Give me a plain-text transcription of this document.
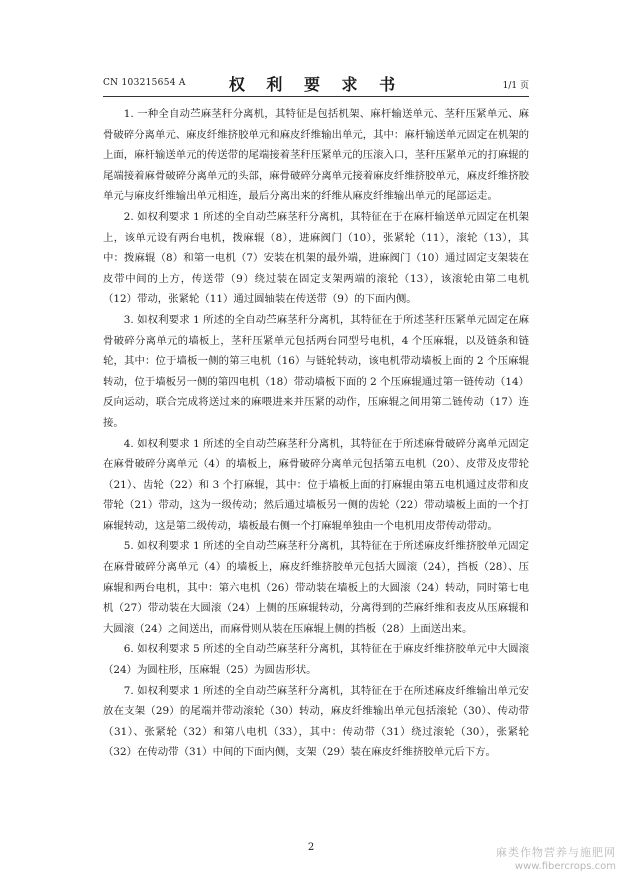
CN 103215654 A	权 利 要 求 书	1/1 页

1. 一种全自动苎麻茎秆分离机，其特征是包括机架、麻杆输送单元、茎秆压紧单元、麻骨破碎分离单元、麻皮纤维挤胶单元和麻皮纤维输出单元，其中：麻杆输送单元固定在机架的上面，麻杆输送单元的传送带的尾端接着茎秆压紧单元的压滚入口，茎秆压紧单元的打麻辊的尾端接着麻骨破碎分离单元的头部，麻骨破碎分离单元接着麻皮纤维挤胶单元，麻皮纤维挤胶单元与麻皮纤维输出单元相连，最后分离出来的纤维从麻皮纤维输出单元的尾部运走。

2. 如权利要求 1 所述的全自动苎麻茎秆分离机，其特征在于在麻杆输送单元固定在机架上，该单元设有两台电机，拨麻辊（8），进麻阀门（10），张紧轮（11），滚轮（13），其中：拨麻辊（8）和第一电机（7）安装在机架的最外端，进麻阀门（10）通过固定支架装在皮带中间的上方，传送带（9）绕过装在固定支架两端的滚轮（13），该滚轮由第二电机（12）带动，张紧轮（11）通过圆轴装在传送带（9）的下面内侧。

3. 如权利要求 1 所述的全自动苎麻茎秆分离机，其特征在于所述茎秆压紧单元固定在麻骨破碎分离单元的墙板上，茎秆压紧单元包括两台同型号电机，4 个压麻辊，以及链条和链轮，其中：位于墙板一侧的第三电机（16）与链轮转动，该电机带动墙板上面的 2 个压麻辊转动，位于墙板另一侧的第四电机（18）带动墙板下面的 2 个压麻辊通过第一链传动（14）反向运动，联合完成将送过来的麻喂进来并压紧的动作，压麻辊之间用第二链传动（17）连接。

4. 如权利要求 1 所述的全自动苎麻茎秆分离机，其特征在于所述麻骨破碎分离单元固定在麻骨破碎分离单元（4）的墙板上，麻骨破碎分离单元包括第五电机（20）、皮带及皮带轮（21）、齿轮（22）和 3 个打麻辊，其中：位于墙板上面的打麻辊由第五电机通过皮带和皮带轮（21）带动，这为一级传动；然后通过墙板另一侧的齿轮（22）带动墙板上面的一个打麻辊转动，这是第二级传动，墙板最右侧一个打麻辊单独由一个电机用皮带传动带动。

5. 如权利要求 1 所述的全自动苎麻茎秆分离机，其特征在于所述麻皮纤维挤胶单元固定在麻骨破碎分离单元（4）的墙板上，麻皮纤维挤胶单元包括大圆滚（24），挡板（28）、压麻辊和两台电机，其中：第六电机（26）带动装在墙板上的大圆滚（24）转动，同时第七电机（27）带动装在大圆滚（24）上侧的压麻辊转动，分离得到的苎麻纤维和表皮从压麻辊和大圆滚（24）之间送出，而麻骨则从装在压麻辊上侧的挡板（28）上面送出来。

6. 如权利要求 5 所述的全自动苎麻茎秆分离机，其特征在于麻皮纤维挤胶单元中大圆滚（24）为圆柱形，压麻辊（25）为圆齿形状。

7. 如权利要求 1 所述的全自动苎麻茎秆分离机，其特征在于在所述麻皮纤维输出单元安放在支架（29）的尾端并带动滚轮（30）转动，麻皮纤维输出单元包括滚轮（30）、传动带（31）、张紧轮（32）和第八电机（33），其中：传动带（31）绕过滚轮（30），张紧轮（32）在传动带（31）中间的下面内侧，支架（29）装在麻皮纤维挤胶单元后下方。

2	麻类作物营养与施肥网
www.fibercrops.com
